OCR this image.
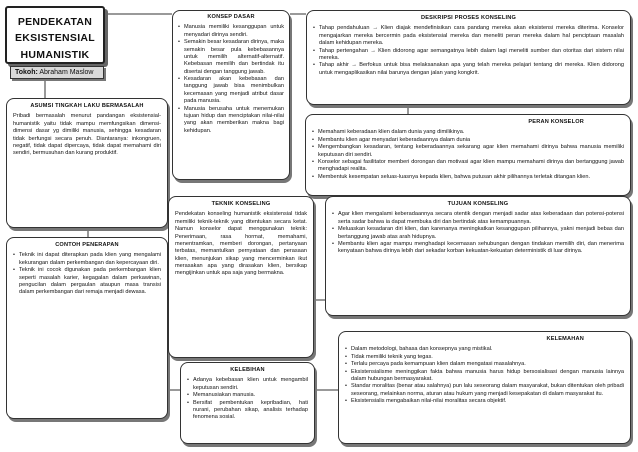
PENDEKATAN
EKSISTENSIAL
HUMANISTIK
Tokoh: Abraham Maslow
ASUMSI TINGKAH LAKU BERMASALAH

Pribadi bermasalah menurut pandangan eksistensial-humanistik yaitu tidak mampu memfungsikan dimensi-dimensi dasar yg dimiliki manusia, sehingga kesadaran tidak berfungsi secara penuh. Diantaranya: inkongruen, negatif, tidak dapat dipercaya, tidak dapat memahami diri sendiri, bermusuhan dan kurang produktif.

CONTOH PENERAPAN
• Teknik ini dapat diterapkan pada klien yang mengalami kekurangan dalam perkembangan dan kepercayaan diri.
• Teknik ini cocok digunakan pada perkembangan klien seperti masalah karier, kegagalan dalam perkawinan, pengucilan dalam pergaulan ataupun masa transisi dalam perkembangan dari remaja menjadi dewasa.
KONSEP DASAR
• Manusia memiliki kesanggupan untuk menyadari dirinya sendiri.
• Semakin besar kesadaran dirinya, maka semakin besar pula kebebasannya untuk memilih alternatif-alternatif. Kebebasan memilih dan bertindak itu disertai dengan tanggung jawab.
• Kesadaran akan kebebasan dan tanggung jawab bisa menimbulkan kecemasan yang menjadi atribut dasar pada manusia.
• Manusia berusaha untuk menemukan tujuan hidup dan menciptakan nilai-nilai yang akan memberikan makna bagi kehidupan.
DESKRIPSI PROSES KONSELING
• Tahap pendahuluan → Klien diajak mendefinisikan cara pandang mereka akan eksistensi mereka diterima. Konselor mengajarkan mereka bercermin pada eksistensial mereka dan meneliti peran mereka dalam hal penciptaan masalah dalam kehidupan mereka.
• Tahap pertengahan → Klien didorong agar semangatnya lebih dalam lagi meneliti sumber dan otoritas dari sistem nilai mereka.
• Tahap akhir → Berfokus untuk bisa melaksanakan apa yang telah mereka pelajari tentang diri mereka. Klien didorong untuk mengaplikasikan nilai barunya dengan jalan yang kongkrit.
PERAN KONSELOR
• Memahami keberadaan klien dalam dunia yang dimilikinya.
• Membantu klien agar menyadari keberadaannya dalam dunia
• Mengembangkan kesadaran, tentang keberadaannya sekarang agar klien memahami dirinya bahwa manusia memiliki keputusan diri sendiri.
• Konselor sebagai fasilitator memberi dorongan dan motivasi agar klien mampu memahami dirinya dan bertanggung jawab menghadapi realita.
• Membentuk kesempatan seluas-luasnya kepada klien, bahwa putusan akhir pilihannya terletak ditangan klien.
TEKNIK KONSELING

Pendekatan konseling humanistik eksistensial tidak memiliki teknik-teknik yang ditentukan secara ketat. Namun konselor dapat menggunakan teknik: Penerimaan, rasa hormat, memahami, menentramkan, memberi dorongan, pertanyaan terbatas, memantulkan pernyataan dan perasaan klien, menunjukan sikap yang mencerminkan ikut merasakan apa yang dirasakan klien, bersikap mengijinkan untuk apa saja yang bermakna.

TUJUAN KONSELING
• Agar klien mengalami keberadaannya secara otentik dengan menjadi sadar atas keberadaan dan potensi-potensi serta sadar bahwa ia dapat membuka diri dan bertindak atas kemampuannya.
• Meluaskan kesadaran diri klien, dan karenanya meningkatkan kesanggupan pilihannya, yakni menjadi bebas dan bertanggung jawab atas arah hidupnya.
• Membantu klien agar mampu menghadapi kecemasan sehubungan dengan tindakan memilih diri, dan menerima kenyataan bahwa dirinya lebih dari sekadar korban kekuatan-kekuatan deterministik di luar dirinya.
KELEBIHAN
• Adanya kebebasan klien untuk mengambil keputusan sendiri.
• Memanusiakan manusia.
• Bersifat pembentukan kepribadian, hati nurani, perubahan sikap, analisis terhadap fenomena sosial.
KELEMAHAN
• Dalam metodologi, bahasa dan konsepnya yang mistikal.
• Tidak memiliki teknik yang tegas.
• Terlalu percaya pada kemampuan klien dalam mengatasi masalahnya.
• Eksistensialisme meninggikan fakta bahwa manusia harus hidup bersosialisasi dengan manusia lainnya dalam hubungan bermasyarakat.
• Standar moralitas (benar atau salahnya) pun lalu seseorang dalam masyarakat, bukan ditentukan oleh pribadi seseorang, melainkan norma, aturan atau hukum yang menjadi kesepakatan di dalam masyarakat itu.
• Eksistensialis mengabaikan nilai-nilai moralitas secara objektif.
